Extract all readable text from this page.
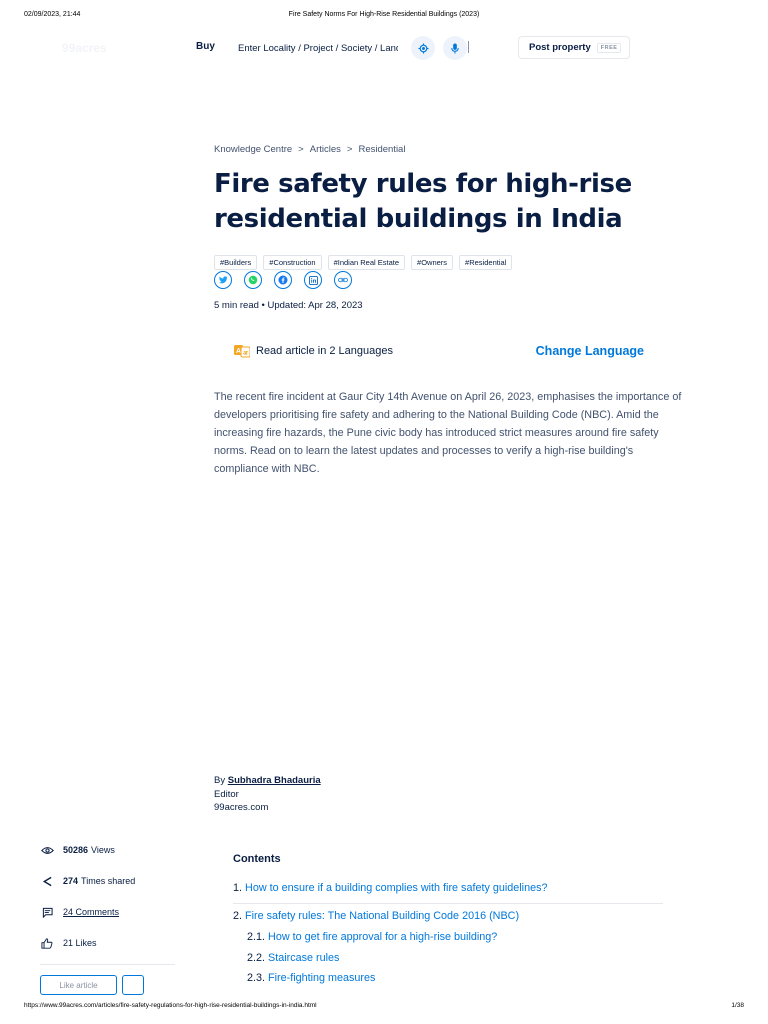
02/09/2023, 21:44	Fire Safety Norms For High-Rise Residential Buildings (2023)
99acres	Buy
Enter Locality / Project / Society / Landmark	Post property	FREE
Knowledge Centre > Articles > Residential
Fire safety rules for high-rise residential buildings in India
#Builders	#Construction	#Indian Real Estate	#Owners	#Residential
5 min read • Updated: Apr 28, 2023
A अ Read article in 2 Languages	Change Language

The recent fire incident at Gaur City 14th Avenue on April 26, 2023, emphasises the importance of developers prioritising fire safety and adhering to the National Building Code (NBC). Amid the increasing fire hazards, the Pune civic body has introduced strict measures around fire safety norms. Read on to learn the latest updates and processes to verify a high-rise building's compliance with NBC.

By Subhadra Bhadauria
Editor
99acres.com
50286 Views
274 Times shared
24 Comments
21 Likes
Like article
Contents
1. How to ensure if a building complies with fire safety guidelines?
2. Fire safety rules: The National Building Code 2016 (NBC)
2.1. How to get fire approval for a high-rise building?
2.2. Staircase rules
2.3. Fire-fighting measures
https://www.99acres.com/articles/fire-safety-regulations-for-high-rise-residential-buildings-in-india.html	1/38
